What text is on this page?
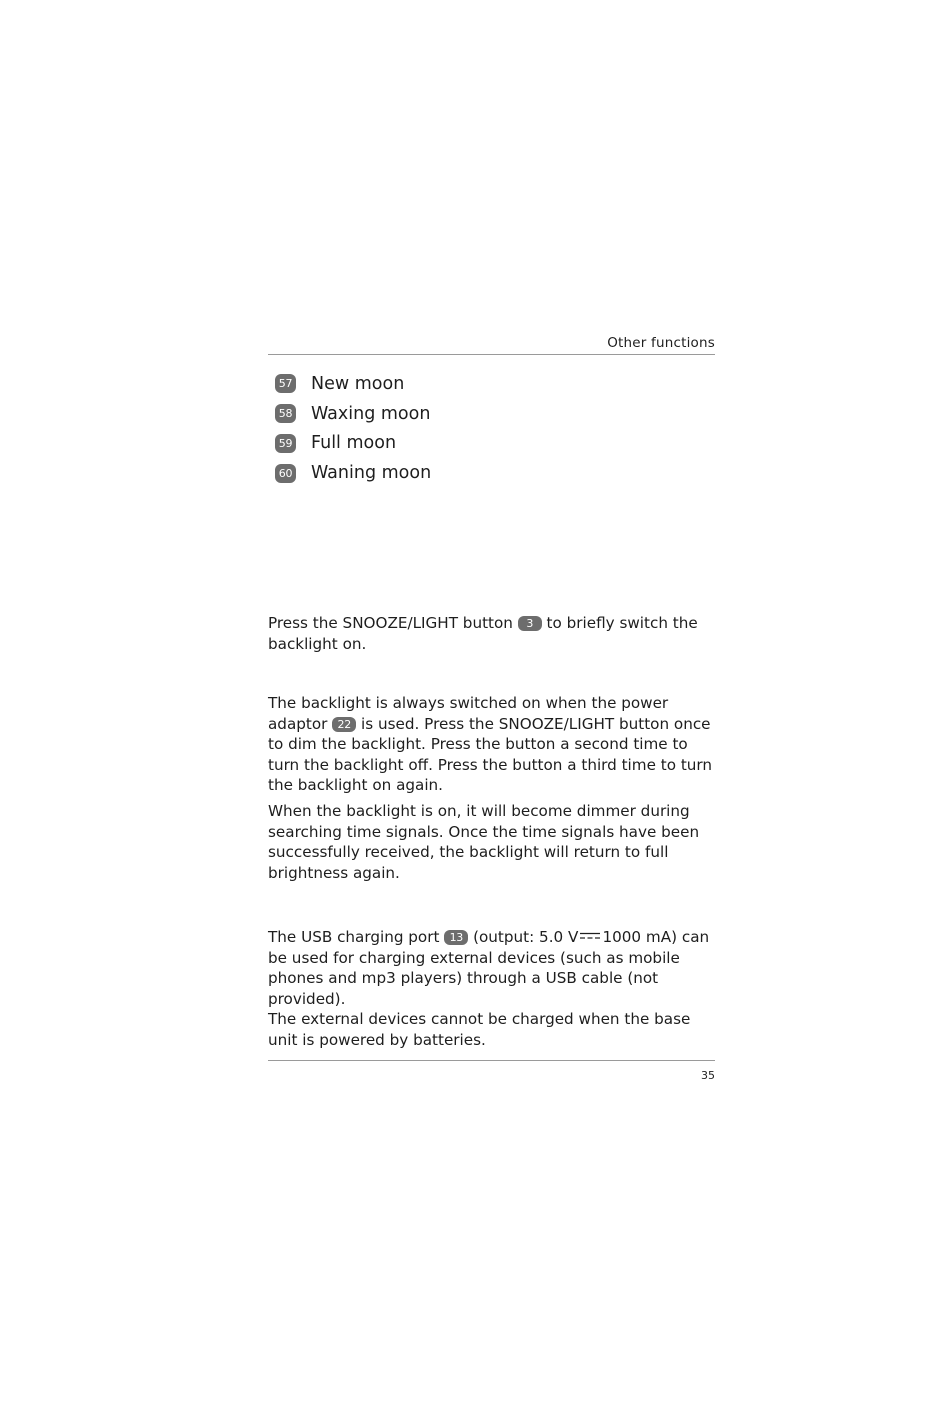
Other functions
57 New moon
58 Waxing moon
59 Full moon
60 Waning moon

Press the SNOOZE/LIGHT button 3 to briefly switch the backlight on.

The backlight is always switched on when the power adaptor 22 is used. Press the SNOOZE/LIGHT button once to dim the backlight. Press the button a second time to turn the backlight off. Press the button a third time to turn the backlight on again.

When the backlight is on, it will become dimmer during searching time signals. Once the time signals have been successfully received, the backlight will return to full brightness again.

The USB charging port 13 (output: 5.0 V 1000 mA) can be used for charging external devices (such as mobile phones and mp3 players) through a USB cable (not provided).
The external devices cannot be charged when the base unit is powered by batteries.

35
